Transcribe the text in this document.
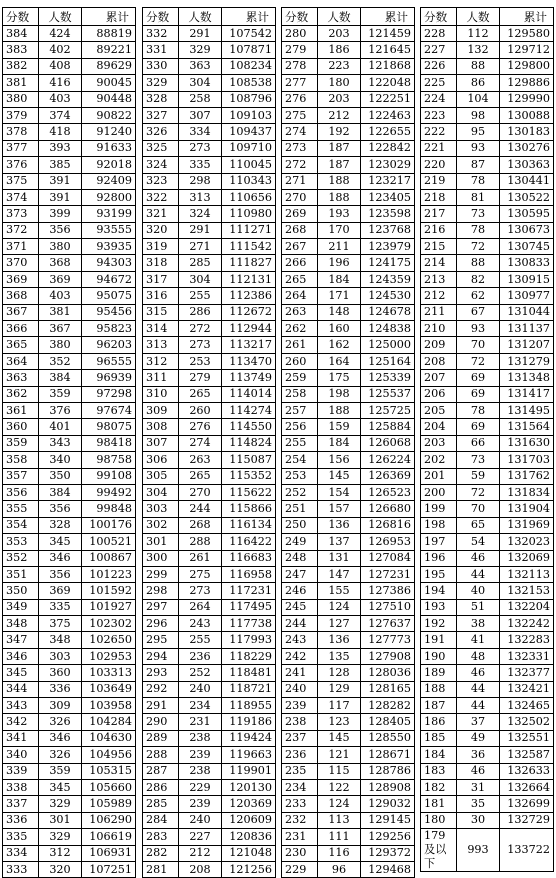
分数	人数	累计
384	424	88819
383	402	89221
382	408	89629
381	416	90045
380	403	90448
379	374	90822
378	418	91240
377	393	91633
376	385	92018
375	391	92409
374	391	92800
373	399	93199
372	356	93555
371	380	93935
370	368	94303
369	369	94672
368	403	95075
367	381	95456
366	367	95823
365	380	96203
364	352	96555
363	384	96939
362	359	97298
361	376	97674
360	401	98075
359	343	98418
358	340	98758
357	350	99108
356	384	99492
355	356	99848
354	328	100176
353	345	100521
352	346	100867
351	356	101223
350	369	101592
349	335	101927
348	375	102302
347	348	102650
346	303	102953
345	360	103313
344	336	103649
343	309	103958
342	326	104284
341	346	104630
340	326	104956
339	359	105315
338	345	105660
337	329	105989
336	301	106290
335	329	106619
334	312	106931
333	320	107251
分数	人数	累计
332	291	107542
331	329	107871
330	363	108234
329	304	108538
328	258	108796
327	307	109103
326	334	109437
325	273	109710
324	335	110045
323	298	110343
322	313	110656
321	324	110980
320	291	111271
319	271	111542
318	285	111827
317	304	112131
316	255	112386
315	286	112672
314	272	112944
313	273	113217
312	253	113470
311	279	113749
310	265	114014
309	260	114274
308	276	114550
307	274	114824
306	263	115087
305	265	115352
304	270	115622
303	244	115866
302	268	116134
301	288	116422
300	261	116683
299	275	116958
298	273	117231
297	264	117495
296	243	117738
295	255	117993
294	236	118229
293	252	118481
292	240	118721
291	234	118955
290	231	119186
289	238	119424
288	239	119663
287	238	119901
286	229	120130
285	239	120369
284	240	120609
283	227	120836
282	212	121048
281	208	121256
分数	人数	累计
280	203	121459
279	186	121645
278	223	121868
277	180	122048
276	203	122251
275	212	122463
274	192	122655
273	187	122842
272	187	123029
271	188	123217
270	188	123405
269	193	123598
268	170	123768
267	211	123979
266	196	124175
265	184	124359
264	171	124530
263	148	124678
262	160	124838
261	162	125000
260	164	125164
259	175	125339
258	198	125537
257	188	125725
256	159	125884
255	184	126068
254	156	126224
253	145	126369
252	154	126523
251	157	126680
250	136	126816
249	137	126953
248	131	127084
247	147	127231
246	155	127386
245	124	127510
244	127	127637
243	136	127773
242	135	127908
241	128	128036
240	129	128165
239	117	128282
238	123	128405
237	145	128550
236	121	128671
235	115	128786
234	122	128908
233	124	129032
232	113	129145
231	111	129256
230	116	129372
229	96	129468
分数	人数	累计
228	112	129580
227	132	129712
226	88	129800
225	86	129886
224	104	129990
223	98	130088
222	95	130183
221	93	130276
220	87	130363
219	78	130441
218	81	130522
217	73	130595
216	78	130673
215	72	130745
214	88	130833
213	82	130915
212	62	130977
211	67	131044
210	93	131137
209	70	131207
208	72	131279
207	69	131348
206	69	131417
205	78	131495
204	69	131564
203	66	131630
202	73	131703
201	59	131762
200	72	131834
199	70	131904
198	65	131969
197	54	132023
196	46	132069
195	44	132113
194	40	132153
193	51	132204
192	38	132242
191	41	132283
190	48	132331
189	46	132377
188	44	132421
187	44	132465
186	37	132502
185	49	132551
184	36	132587
183	46	132633
182	31	132664
181	35	132699
180	30	132729
179及以下	993	133722
